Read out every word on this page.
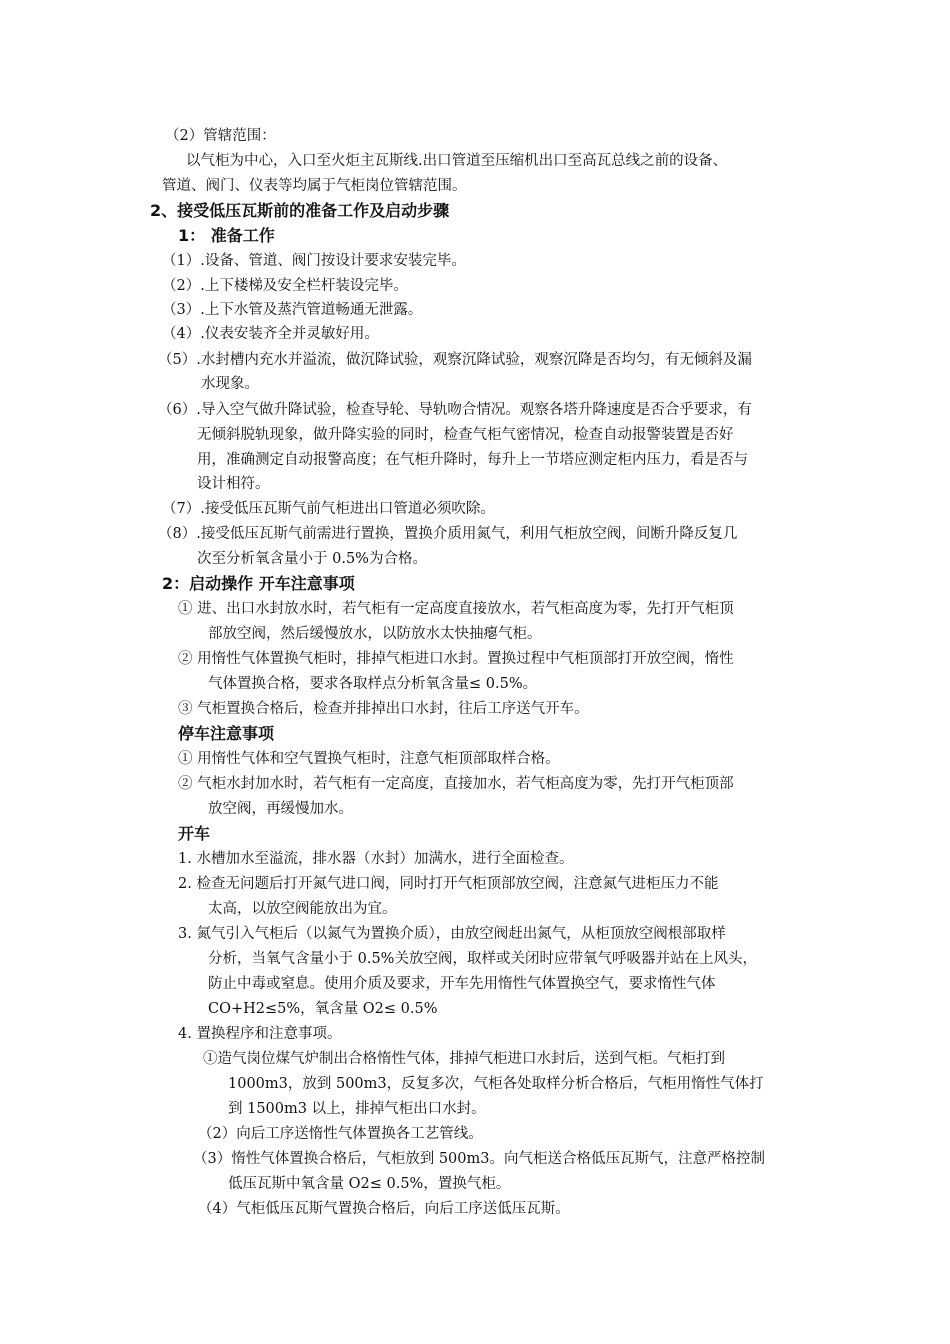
（2）管辖范围：
以气柜为中心，入口至火炬主瓦斯线.出口管道至压缩机出口至高瓦总线之前的设备、
管道、阀门、仪表等均属于气柜岗位管辖范围。
2、接受低压瓦斯前的准备工作及启动步骤
1： 准备工作
（1）.设备、管道、阀门按设计要求安装完毕。
（2）.上下楼梯及安全栏杆装设完毕。
（3）.上下水管及蒸汽管道畅通无泄露。
（4）.仪表安装齐全并灵敏好用。
（5）.水封槽内充水并溢流，做沉降试验，观察沉降试验，观察沉降是否均匀，有无倾斜及漏
水现象。
（6）.导入空气做升降试验，检查导轮、导轨吻合情况。观察各塔升降速度是否合乎要求，有
无倾斜脱轨现象，做升降实验的同时，检查气柜气密情况，检查自动报警装置是否好
用，准确测定自动报警高度；在气柜升降时，每升上一节塔应测定柜内压力，看是否与
设计相符。
（7）.接受低压瓦斯气前气柜进出口管道必须吹除。
（8）.接受低压瓦斯气前需进行置换，置换介质用氮气，利用气柜放空阀，间断升降反复几
次至分析氧含量小于 0.5%为合格。
2：启动操作 开车注意事项
① 进、出口水封放水时，若气柜有一定高度直接放水，若气柜高度为零，先打开气柜顶
部放空阀，然后缓慢放水，以防放水太快抽瘪气柜。
② 用惰性气体置换气柜时，排掉气柜进口水封。置换过程中气柜顶部打开放空阀，惰性
气体置换合格，要求各取样点分析氧含量≤ 0.5%。
③ 气柜置换合格后，检查并排掉出口水封，往后工序送气开车。
停车注意事项
① 用惰性气体和空气置换气柜时，注意气柜顶部取样合格。
② 气柜水封加水时，若气柜有一定高度，直接加水，若气柜高度为零，先打开气柜顶部
放空阀，再缓慢加水。
开车
1. 水槽加水至溢流，排水器（水封）加满水，进行全面检查。
2. 检查无问题后打开氮气进口阀，同时打开气柜顶部放空阀，注意氮气进柜压力不能
太高，以放空阀能放出为宜。
3. 氮气引入气柜后（以氮气为置换介质），由放空阀赶出氮气，从柜顶放空阀根部取样
分析，当氧气含量小于 0.5%关放空阀，取样或关闭时应带氧气呼吸器并站在上风头，
防止中毒或窒息。使用介质及要求，开车先用惰性气体置换空气，要求惰性气体
CO+H2≤5%，氧含量 O2≤ 0.5%
4. 置换程序和注意事项。
①造气岗位煤气炉制出合格惰性气体，排掉气柜进口水封后，送到气柜。气柜打到
1000m3，放到 500m3，反复多次，气柜各处取样分析合格后，气柜用惰性气体打
到 1500m3 以上，排掉气柜出口水封。
（2）向后工序送惰性气体置换各工艺管线。
（3）惰性气体置换合格后，气柜放到 500m3。向气柜送合格低压瓦斯气，注意严格控制
低压瓦斯中氧含量 O2≤ 0.5%，置换气柜。
（4）气柜低压瓦斯气置换合格后，向后工序送低压瓦斯。
